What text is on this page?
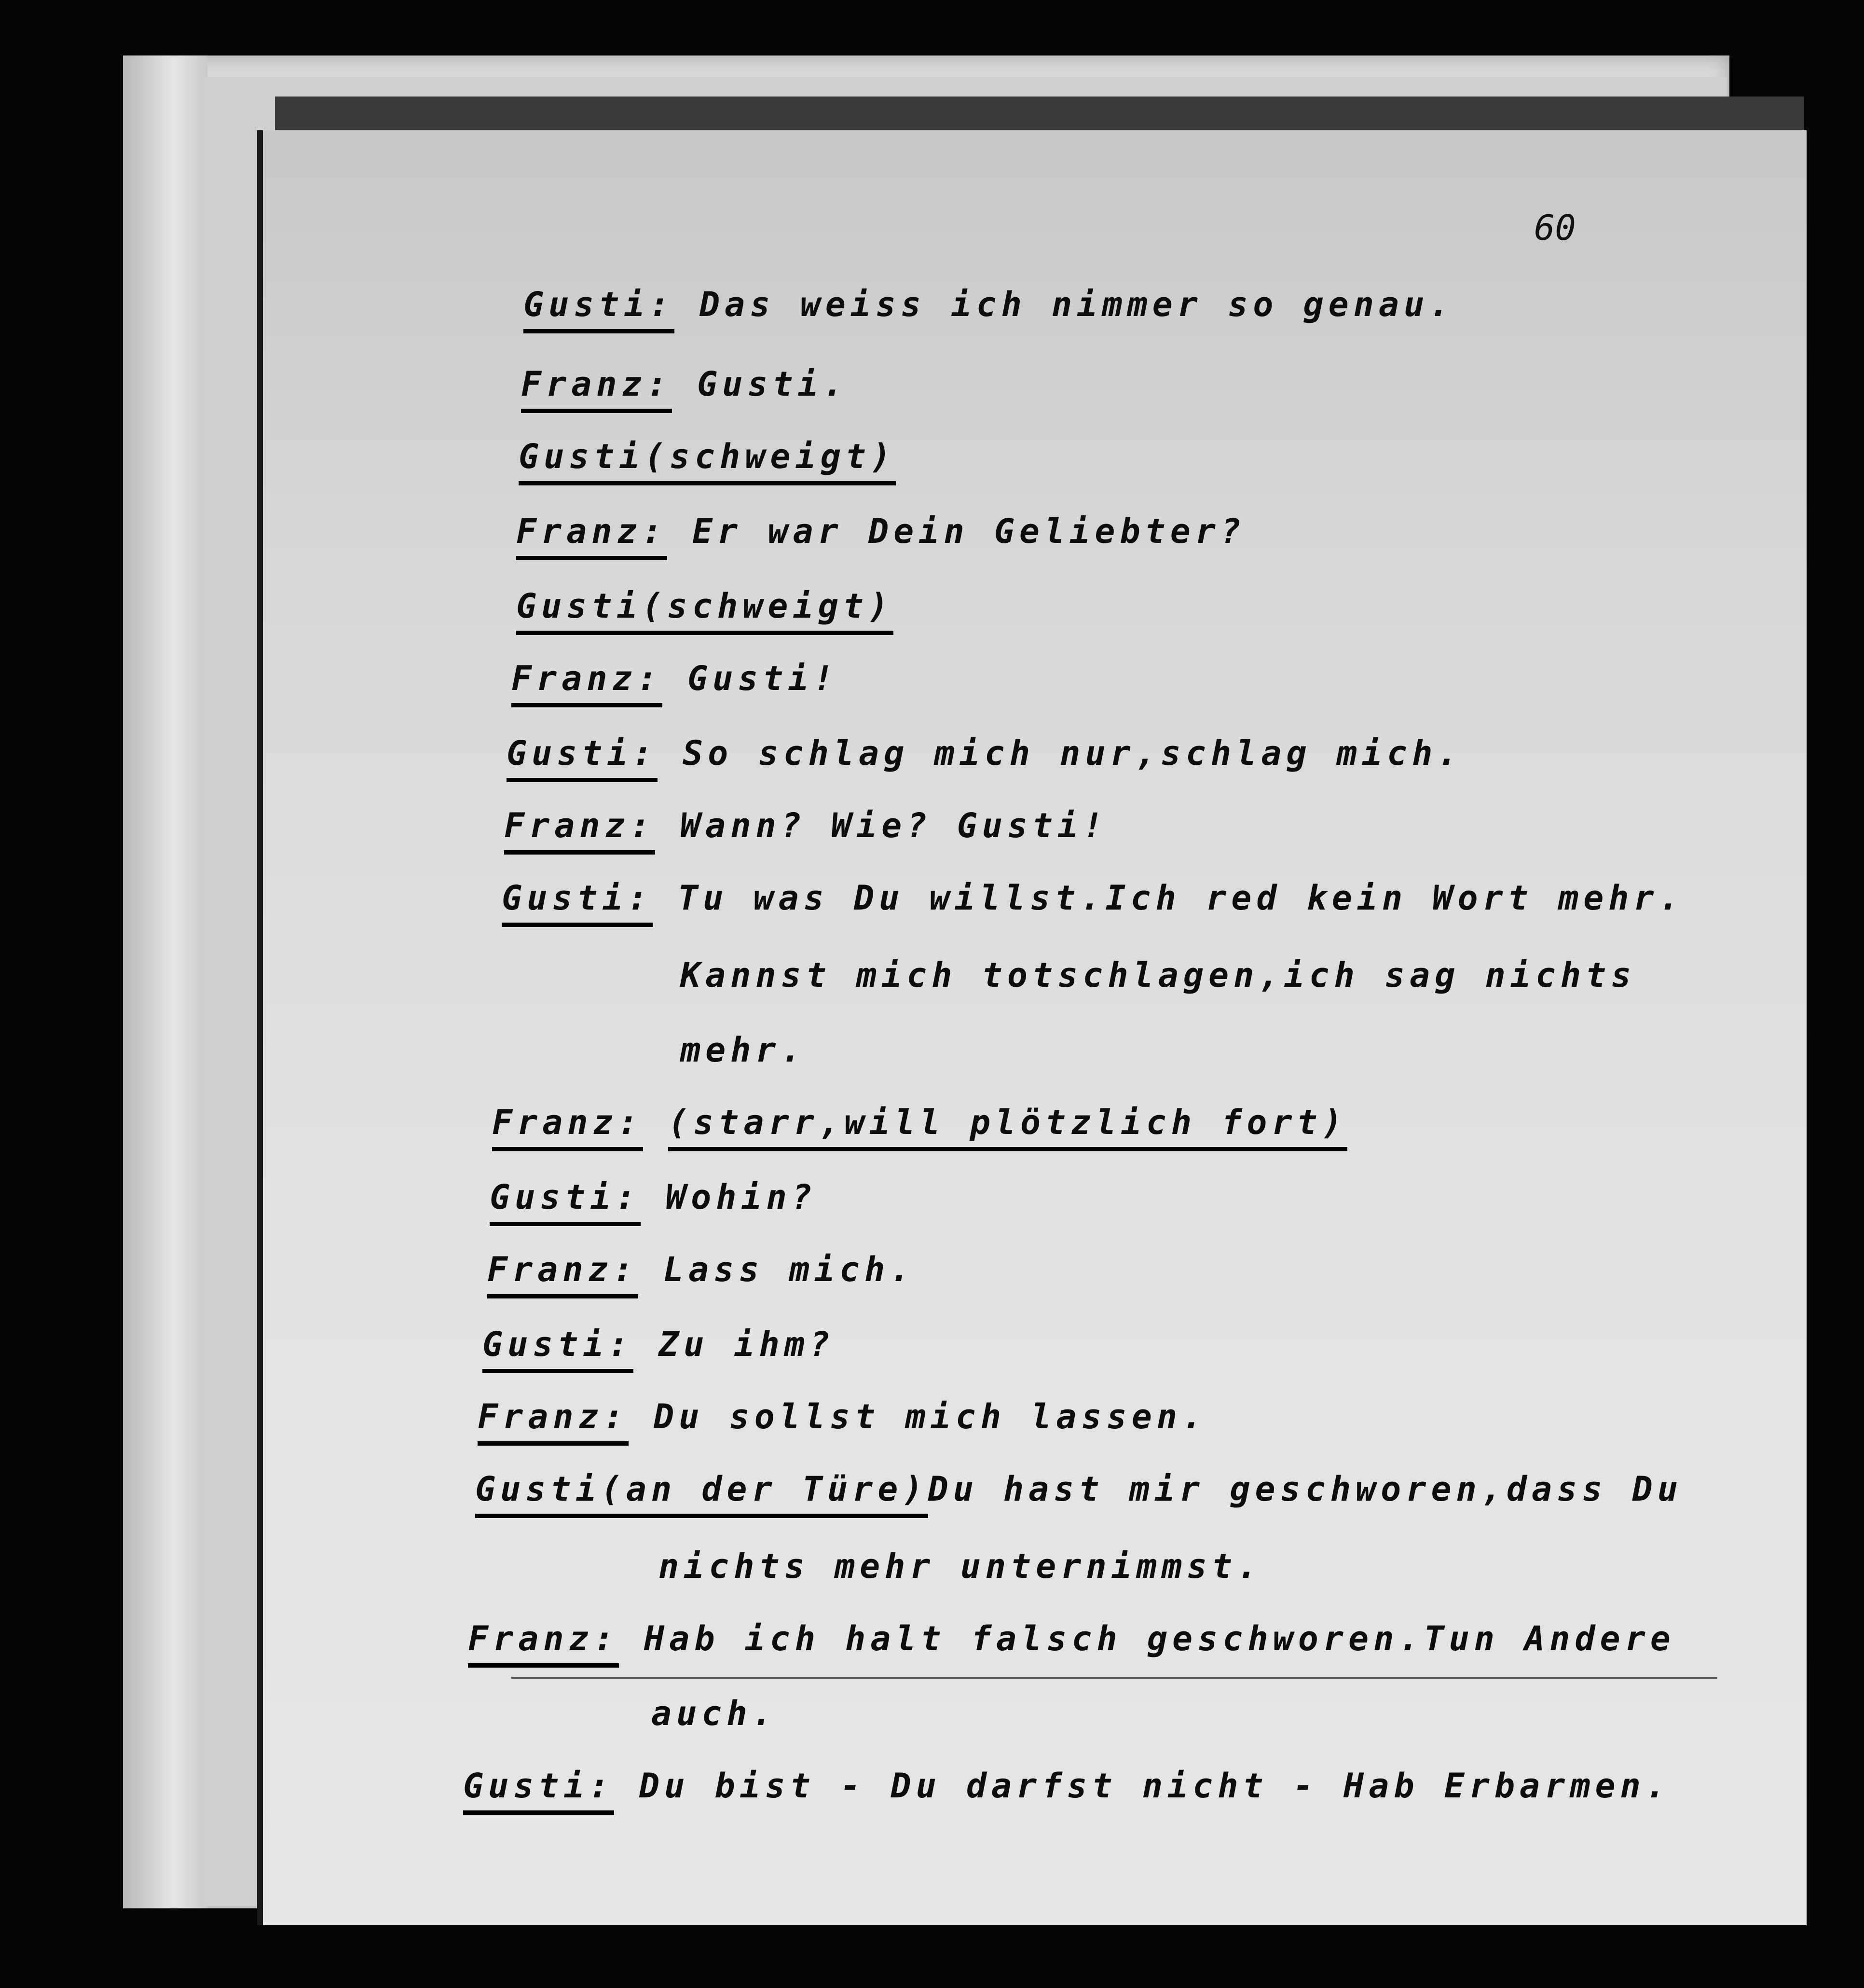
60
Gusti: Das weiss ich nimmer so genau.
Franz: Gusti.
Gusti(schweigt)
Franz: Er war Dein Geliebter?
Gusti(schweigt)
Franz: Gusti!
Gusti: So schlag mich nur,schlag mich.
Franz: Wann? Wie? Gusti!
Gusti: Tu was Du willst.Ich red kein Wort mehr.
Kannst mich totschlagen,ich sag nichts
mehr.
Franz: (starr,will plötzlich fort)
Gusti: Wohin?
Franz: Lass mich.
Gusti: Zu ihm?
Franz: Du sollst mich lassen.
Gusti(an der Türe)Du hast mir geschworen,dass Du
nichts mehr unternimmst.
Franz: Hab ich halt falsch geschworen.Tun Andere
auch.
Gusti: Du bist - Du darfst nicht - Hab Erbarmen.
